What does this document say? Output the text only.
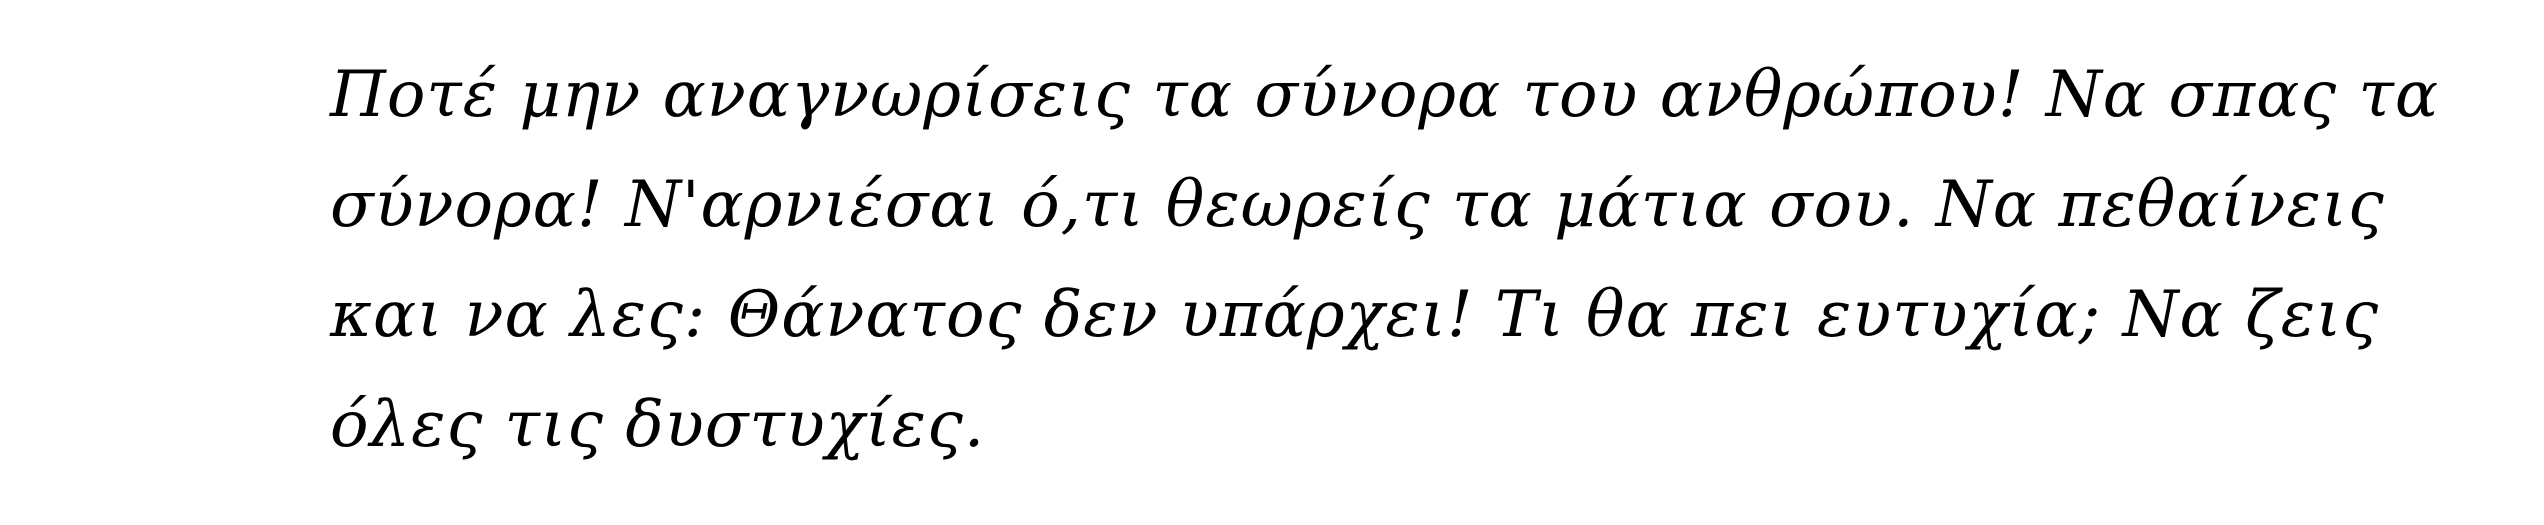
Ποτέ μην αναγνωρίσεις τα σύνορα του ανθρώπου! Να σπας τα
σύνορα! Ν'αρνιέσαι ό,τι θεωρείς τα μάτια σου. Να πεθαίνεις
και να λες: Θάνατος δεν υπάρχει! Τι θα πει ευτυχία; Να ζεις
όλες τις δυστυχίες.
